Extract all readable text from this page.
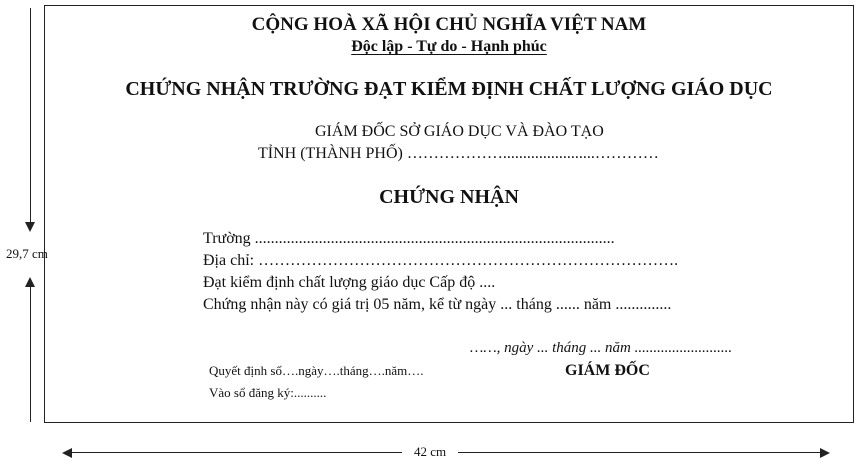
CỘNG HOÀ XÃ HỘI CHỦ NGHĨA VIỆT NAM
Độc lập - Tự do - Hạnh phúc
CHỨNG NHẬN TRƯỜNG ĐẠT KIỂM ĐỊNH CHẤT LƯỢNG GIÁO DỤC
GIÁM ĐỐC SỞ GIÁO DỤC VÀ ĐÀO TẠO
TỈNH (THÀNH PHỐ) ……………….......................…………
CHỨNG NHẬN
Trường ..........................................................................................
Địa chỉ: …………………………………………………………………….
Đạt kiểm định chất lượng giáo dục Cấp độ ....
Chứng nhận này có giá trị 05 năm, kể từ ngày ... tháng ...... năm ..............
……, ngày ... tháng ... năm ..........................
Quyết định số….ngày….tháng….năm….	GIÁM ĐỐC
Vào sổ đăng ký:..........
29,7 cm
42 cm
